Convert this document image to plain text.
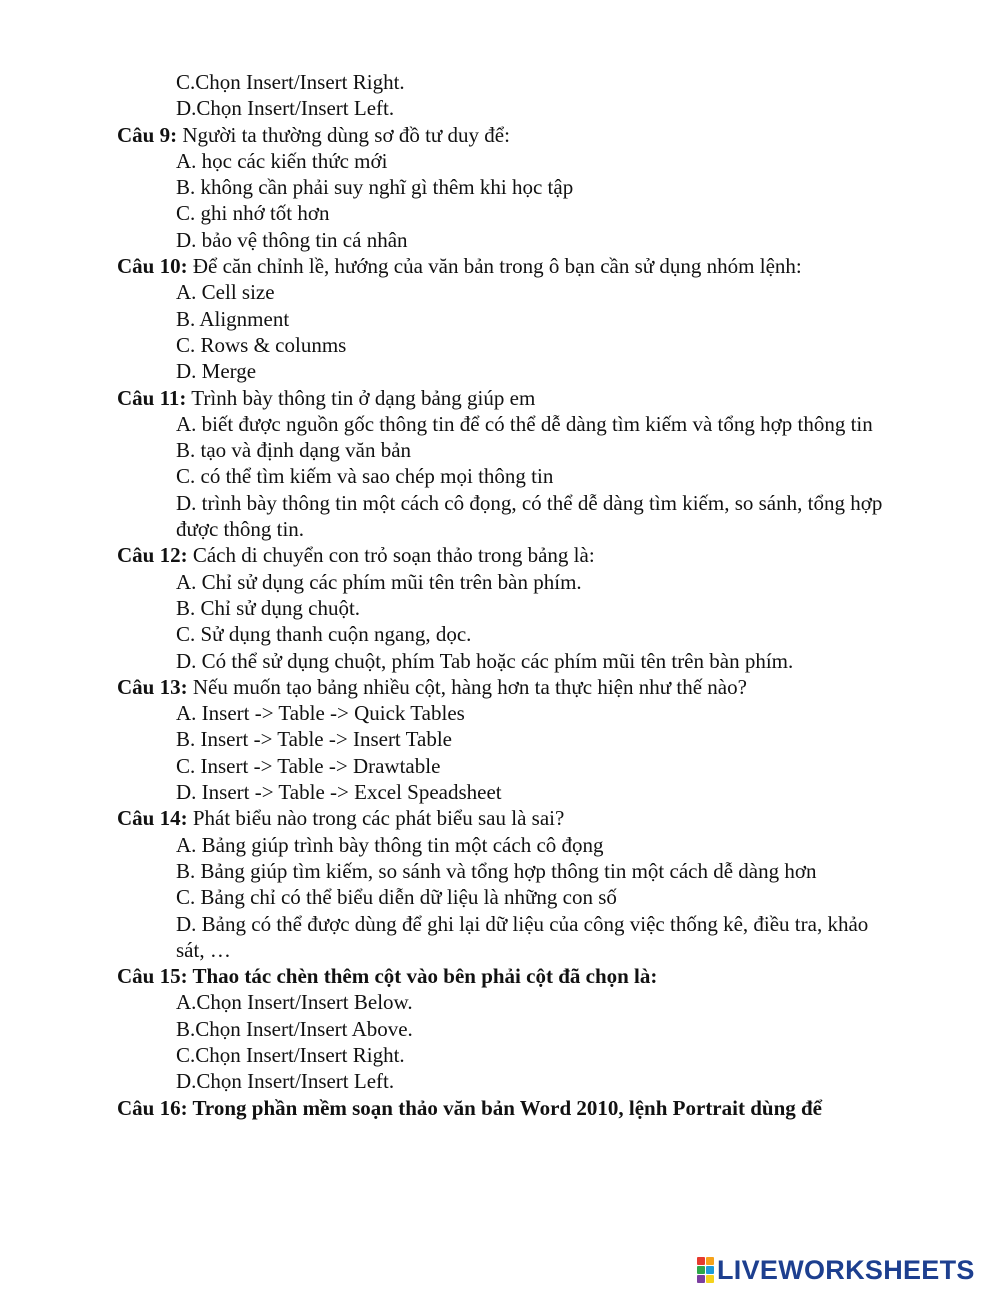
C.Chọn Insert/Insert Right.
D.Chọn Insert/Insert Left.
Câu 9: Người ta thường dùng sơ đồ tư duy để:
A. học các kiến thức mới
B. không cần phải suy nghĩ gì thêm khi học tập
C. ghi nhớ tốt hơn
D. bảo vệ thông tin cá nhân
Câu 10: Để căn chỉnh lề, hướng của văn bản trong ô bạn cần sử dụng nhóm lệnh:
A. Cell size
B. Alignment
C. Rows & colunms
D. Merge
Câu 11: Trình bày thông tin ở dạng bảng giúp em
A. biết được nguồn gốc thông tin để có thể dễ dàng tìm kiếm và tổng hợp thông tin
B. tạo và định dạng văn bản
C. có thể tìm kiếm và sao chép mọi thông tin
D. trình bày thông tin một cách cô đọng, có thể dễ dàng tìm kiếm, so sánh, tổng hợp được thông tin.
Câu 12: Cách di chuyển con trỏ soạn thảo trong bảng là:
A. Chỉ sử dụng các phím mũi tên trên bàn phím.
B. Chỉ sử dụng chuột.
C. Sử dụng thanh cuộn ngang, dọc.
D. Có thể sử dụng chuột, phím Tab hoặc các phím mũi tên trên bàn phím.
Câu 13: Nếu muốn tạo bảng nhiều cột, hàng hơn ta thực hiện như thế nào?
A. Insert -> Table -> Quick Tables
B. Insert -> Table -> Insert Table
C. Insert -> Table -> Drawtable
D. Insert -> Table -> Excel Speadsheet
Câu 14: Phát biểu nào trong các phát biểu sau là sai?
A. Bảng giúp trình bày thông tin một cách cô đọng
B. Bảng giúp tìm kiếm, so sánh và tổng hợp thông tin một cách dễ dàng hơn
C. Bảng chỉ có thể biểu diễn dữ liệu là những con số
D. Bảng có thể được dùng để ghi lại dữ liệu của công việc thống kê, điều tra, khảo sát, …
Câu 15: Thao tác chèn thêm cột vào bên phải cột đã chọn là:
A.Chọn Insert/Insert Below.
B.Chọn Insert/Insert Above.
C.Chọn Insert/Insert Right.
D.Chọn Insert/Insert Left.
Câu 16: Trong phần mềm soạn thảo văn bản Word 2010, lệnh Portrait dùng để
LIVEWORKSHEETS
